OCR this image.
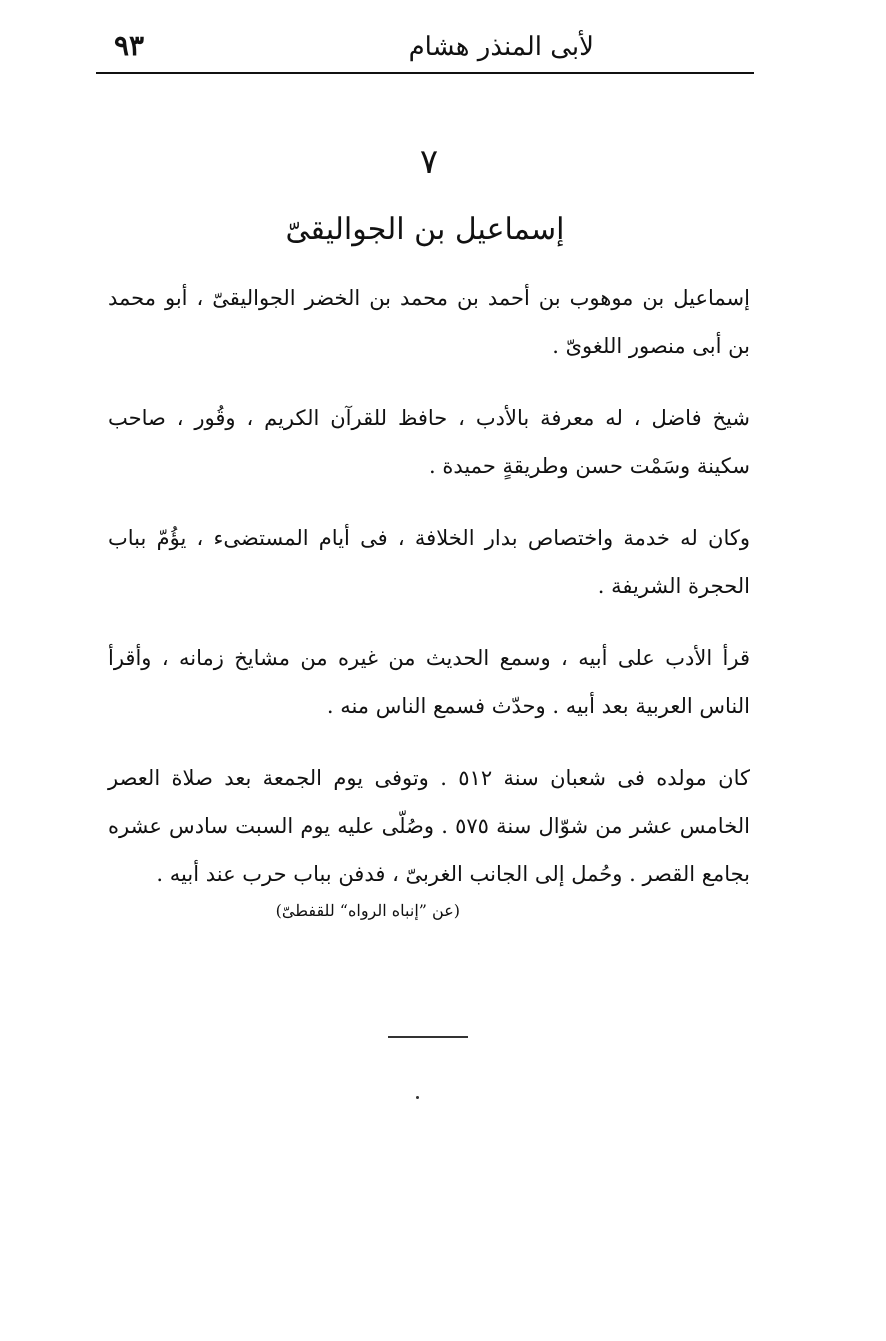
لأبى المنذر هشام
٩٣
٧
إسماعيل بن الجواليقىّ

إسماعيل بن موهوب بن أحمد بن محمد بن الخضر الجواليقىّ ، أبو محمد بن أبى منصور اللغوىّ .

شيخ فاضل ، له معرفة بالأدب ، حافظ للقرآن الكريم ، وقُور ، صاحب سكينة وسَمْت حسن وطريقةٍ حميدة .

وكان له خدمة واختصاص بدار الخلافة ، فى أيام المستضىء ، يؤُمّ بباب الحجرة الشريفة .

قرأ الأدب على أبيه ، وسمع الحديث من غيره من مشايخ زمانه ، وأقرأ الناس العربية بعد أبيه . وحدّث فسمع الناس منه .

كان مولده فى شعبان سنة ٥١٢ . وتوفى يوم الجمعة بعد صلاة العصر الخامس عشر من شوّال سنة ٥٧٥ . وصُلّى عليه يوم السبت سادس عشره بجامع القصر . وحُمل إلى الجانب الغربىّ ، فدفن بباب حرب عند أبيه .

(عن ”إنباه الرواه“ للقفطىّ)
